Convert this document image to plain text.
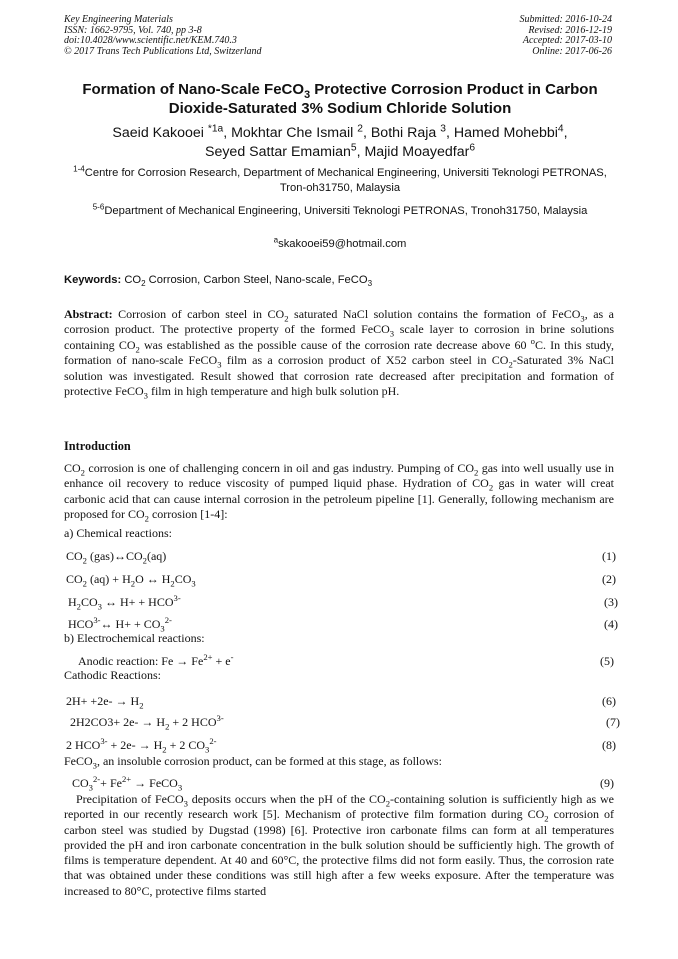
Key Engineering Materials
ISSN: 1662-9795, Vol. 740, pp 3-8
doi:10.4028/www.scientific.net/KEM.740.3
© 2017 Trans Tech Publications Ltd, Switzerland
Submitted: 2016-10-24
Revised: 2016-12-19
Accepted: 2017-03-10
Online: 2017-06-26
Formation of Nano-Scale FeCO$_3$ Protective Corrosion Product in Carbon
Dioxide-Saturated 3% Sodium Chloride Solution
Saeid Kakooei $^{*1a}$, Mokhtar Che Ismail $^2$, Bothi Raja $^3$, Hamed Mohebbi$^4$,
Seyed Sattar Emamian$^5$, Majid Moayedfar$^6$
$^{1-4}$Centre for Corrosion Research, Department of Mechanical Engineering, Universiti Teknologi PETRONAS, Tron-oh31750, Malaysia
$^{5-6}$Department of Mechanical Engineering, Universiti Teknologi PETRONAS, Tronoh31750, Malaysia
$^a$skakooei59@hotmail.com
Keywords: $CO_2$ Corrosion, Carbon Steel, Nano-scale, FeCO$_3$
Abstract: Corrosion of carbon steel in $CO_2$ saturated NaCl solution contains the formation of FeCO$_3$, as a corrosion product. The protective property of the formed FeCO$_3$ scale layer to corrosion in brine solutions containing $CO_2$ was established as the possible cause of the corrosion rate decrease above 60 $^o$C. In this study, formation of nano-scale FeCO$_3$ film as a corrosion product of X52 carbon steel in $CO_2$-Saturated 3% NaCl solution was investigated. Result showed that corrosion rate decreased after precipitation and formation of protective FeCO$_3$ film in high temperature and high bulk solution pH.
Introduction
$CO_2$ corrosion is one of challenging concern in oil and gas industry. Pumping of $CO_2$ gas into well usually use in enhance oil recovery to reduce viscosity of pumped liquid phase. Hydration of $CO_2$ gas in water will creat carbonic acid that can cause internal corrosion in the petroleum pipeline [1]. Generally, following mechanism are proposed for $CO_2$ corrosion [1-4]:
a) Chemical reactions:
$CO_2$ $(gas)\leftrightarrow CO_2(aq)$	(1)
$CO_2$ $(aq) + H_2O$ ↔ $H_2CO_3$	(2)
$H_2CO_3$ ↔ $H+ + HCO^{3-}$	(3)
$HCO^{3-}\leftrightarrow$ $H+ + CO_3^{2-}$	(4)
b) Electrochemical reactions:
Anodic reaction: $Fe \to Fe^{2+} + e^-$	(5)
Cathodic Reactions:
$2H+ +2e- \to H_2$	(6)
$2H2CO3+ 2e- \to H_2 + 2$ $HCO^{3-}$	(7)
2 $HCO^{3-} + 2e- \to H_2 + 2$ $CO_3^{2-}$	(8)
FeCO$_3$, an insoluble corrosion product, can be formed at this stage, as follows:
$CO_3^{2-}+ Fe^{2+}$ → FeCO$_3$	(9)
Precipitation of FeCO$_3$ deposits occurs when the pH of the $CO_2$-containing solution is sufficiently high as we reported in our recently research work [5]. Mechanism of protective film formation during $CO_2$ corrosion of carbon steel was studied by Dugstad (1998) [6]. Protective iron carbonate films can form at all temperatures provided the pH and iron carbonate concentration in the bulk solution should be sufficiently high. The growth of films is temperature dependent. At 40 and 60°C, the protective films did not form easily. Thus, the corrosion rate that was obtained under these conditions was still high after a few weeks exposure. After the temperature was increased to 80°C, protective films started
